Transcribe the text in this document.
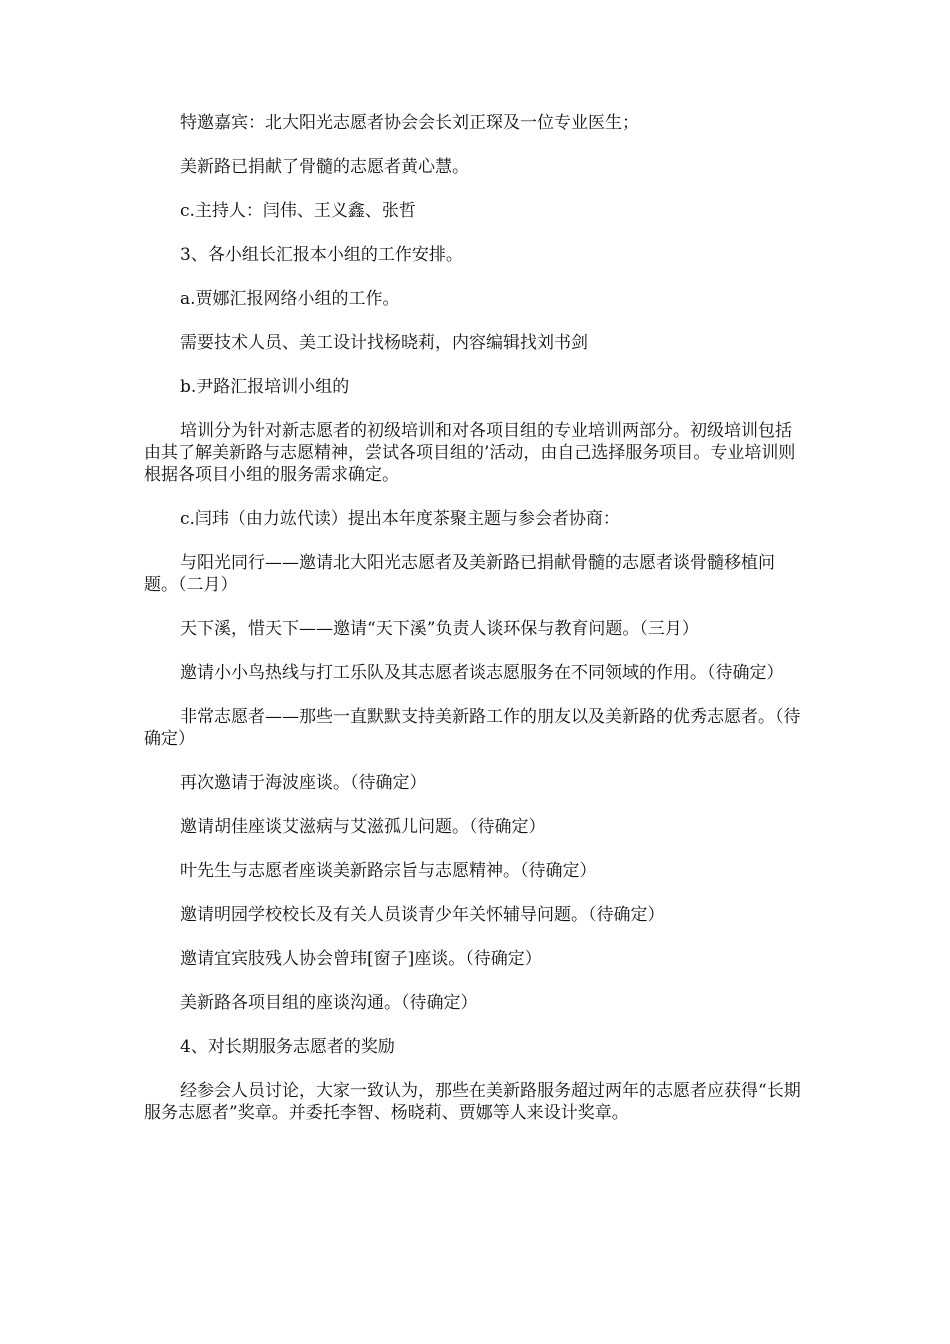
特邀嘉宾：北大阳光志愿者协会会长刘正琛及一位专业医生；

美新路已捐献了骨髓的志愿者黄心慧。

c.主持人：闫伟、王义鑫、张哲

3、各小组长汇报本小组的工作安排。

a.贾娜汇报网络小组的工作。

需要技术人员、美工设计找杨晓莉，内容编辑找刘书剑

b.尹路汇报培训小组的

培训分为针对新志愿者的初级培训和对各项目组的专业培训两部分。初级培训包括由其了解美新路与志愿精神，尝试各项目组的’活动，由自己选择服务项目。专业培训则根据各项目小组的服务需求确定。

c.闫玮（由力竑代读）提出本年度茶聚主题与参会者协商：

与阳光同行——邀请北大阳光志愿者及美新路已捐献骨髓的志愿者谈骨髓移植问题。（二月）

天下溪，惜天下——邀请“天下溪”负责人谈环保与教育问题。（三月）

邀请小小鸟热线与打工乐队及其志愿者谈志愿服务在不同领域的作用。（待确定）

非常志愿者——那些一直默默支持美新路工作的朋友以及美新路的优秀志愿者。（待确定）

再次邀请于海波座谈。（待确定）

邀请胡佳座谈艾滋病与艾滋孤儿问题。（待确定）

叶先生与志愿者座谈美新路宗旨与志愿精神。（待确定）

邀请明园学校校长及有关人员谈青少年关怀辅导问题。（待确定）

邀请宜宾肢残人协会曾玮[窗子]座谈。（待确定）

美新路各项目组的座谈沟通。（待确定）

4、对长期服务志愿者的奖励

经参会人员讨论，大家一致认为，那些在美新路服务超过两年的志愿者应获得“长期服务志愿者”奖章。并委托李智、杨晓莉、贾娜等人来设计奖章。
